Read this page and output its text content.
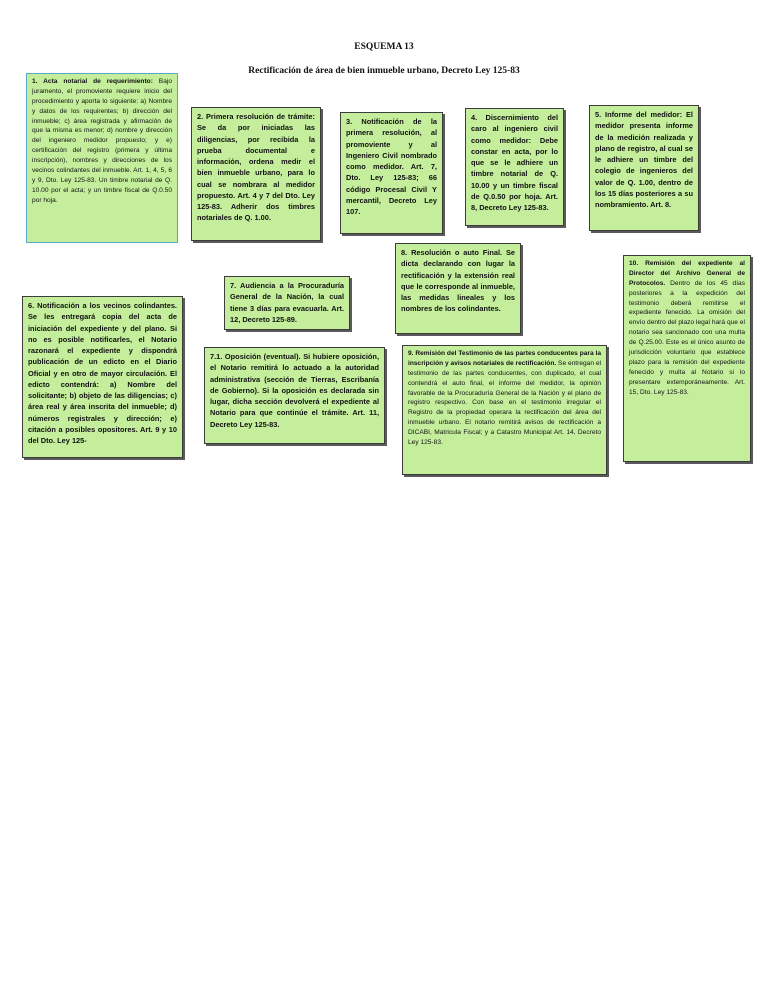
ESQUEMA 13
Rectificación de área de bien inmueble urbano, Decreto Ley 125-83
1. Acta notarial de requerimiento: Bajo juramento, el promoviente requiere inicio del procedimiento y aporta lo siguiente: a) Nombre y datos de los requirentes; b) dirección del inmueble; c) área registrada y afirmación de que la misma es menor; d) nombre y dirección del ingeniero medidor propuesto; y e) certificación del registro (primera y última inscripción), nombres y direcciones de los vecinos colindantes del inmueble. Art. 1, 4, 5, 6 y 9, Dto. Ley 125-83. Un timbre notarial de Q. 10.00 por el acta; y un timbre fiscal de Q.0.50 por hoja.
2. Primera resolución de trámite: Se da por iniciadas las diligencias, por recibida la prueba documental e información, ordena medir el bien inmueble urbano, para lo cual se nombrara al medidor propuesto. Art. 4 y 7 del Dto. Ley 125-83. Adherir dos timbres notariales de Q. 1.00.
3. Notificación de la primera resolución, al promoviente y al Ingeniero Civil nombrado como medidor. Art. 7, Dto. Ley 125-83; 66 código Procesal Civil Y mercantil, Decreto Ley 107.
4. Discernimiento del caro al ingeniero civil como medidor: Debe constar en acta, por lo que se le adhiere un timbre notarial de Q. 10.00 y un timbre fiscal de Q.0.50 por hoja. Art. 8, Decreto Ley 125-83.
5. Informe del medidor: El medidor presenta informe de la medición realizada y plano de registro, al cual se le adhiere un timbre del colegio de ingenieros del valor de Q. 1.00, dentro de los 15 días posteriores a su nombramiento. Art. 8.
8. Resolución o auto Final. Se dicta declarando con lugar la rectificación y la extensión real que le corresponde al inmueble, las medidas lineales y los nombres de los colindantes.
7. Audiencia a la Procuraduría General de la Nación, la cual tiene 3 días para evacuarla. Art. 12, Decreto 125-89.
10. Remisión del expediente al Director del Archivo General de Protocolos. Dentro de los 45 días posteriores a la expedición del testimonio deberá remitirse el expediente fenecido. La omisión del envío dentro del plazo legal hará que el notario sea sancionado con una multa de Q.25.00. Este es el único asunto de jurisdicción voluntario que establece plazo para la remisión del expediente fenecido y multa al Notario si lo presentare extemporáneamente. Art. 15, Dto. Ley 125-83.
6. Notificación a los vecinos colindantes. Se les entregará copia del acta de iniciación del expediente y del plano. Si no es posible notificarles, el Notario razonará el expediente y dispondrá publicación de un edicto en el Diario Oficial y en otro de mayor circulación. El edicto contendrá: a) Nombre del solicitante; b) objeto de las diligencias; c) área real y área inscrita del inmueble; d) números registrales y dirección; e) citación a posibles opositores. Art. 9 y 10 del Dto. Ley 125-
7.1. Oposición (eventual). Si hubiere oposición, el Notario remitirá lo actuado a la autoridad administrativa (sección de Tierras, Escribanía de Gobierno). Si la oposición es declarada sin lugar, dicha sección devolverá el expediente al Notario para que continúe el trámite. Art. 11, Decreto Ley 125-83.
9. Remisión del Testimonio de las partes conducentes para la inscripción y avisos notariales de rectificación. Se entregan el testimonio de las partes conducentes, con duplicado, el cual contendrá el auto final, el informe del medidor, la opinión favorable de la Procuraduría General de la Nación y el plano de registro respectivo. Con base en el testimonio irregular el Registro de la propiedad operara la rectificación del área del inmueble urbano. El notario remitirá avisos de rectificación a DICABI, Matricula Fiscal; y a Catastro Municipal Art. 14, Decreto Ley 125-83.
